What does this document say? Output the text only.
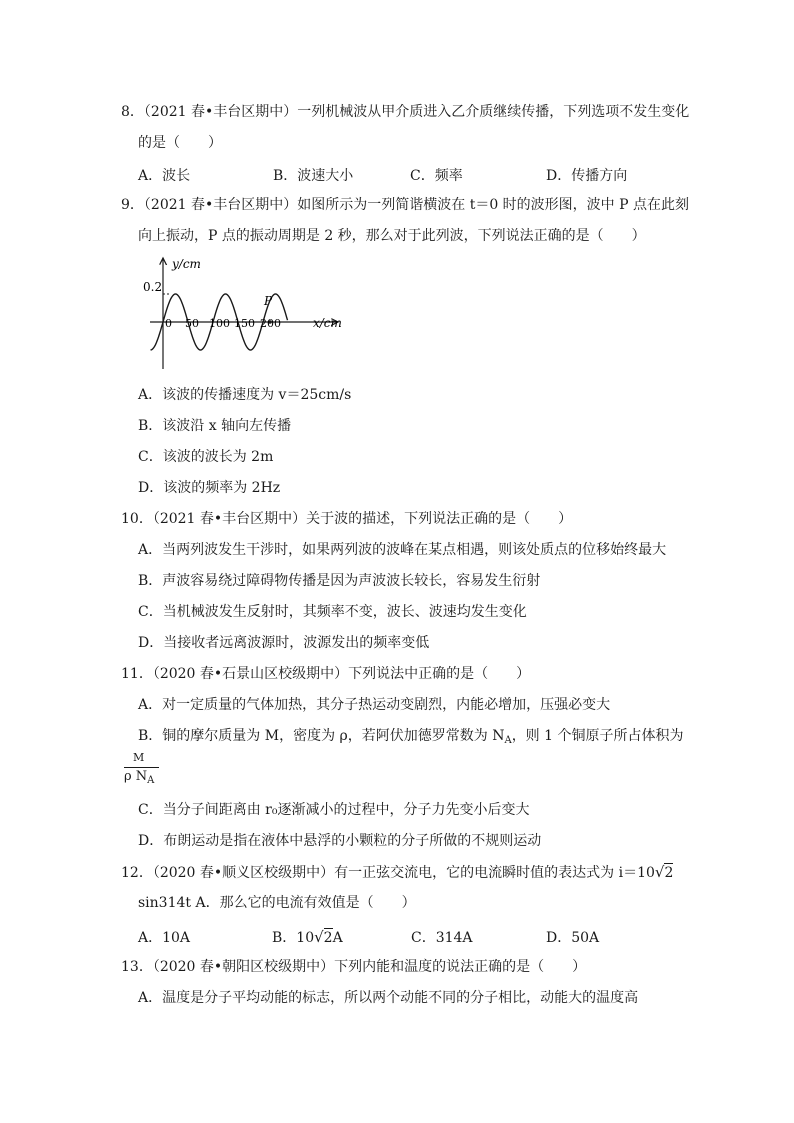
8．（2021 春•丰台区期中）一列机械波从甲介质进入乙介质继续传播，下列选项不发生变化
的是（　　）
A．波长	B．波速大小	C．频率	D．传播方向
9．（2021 春•丰台区期中）如图所示为一列简谐横波在 t＝0 时的波形图，波中 P 点在此刻
向上振动，P 点的振动周期是 2 秒，那么对于此列波，下列说法正确的是（　　）
y/cm
x/cm
0.2
0 50 100 150 200
P
A．该波的传播速度为 v＝25cm/s
B．该波沿 x 轴向左传播
C．该波的波长为 2m
D．该波的频率为 2Hz
10．（2021 春•丰台区期中）关于波的描述，下列说法正确的是（　　）
A．当两列波发生干涉时，如果两列波的波峰在某点相遇，则该处质点的位移始终最大
B．声波容易绕过障碍物传播是因为声波波长较长，容易发生衍射
C．当机械波发生反射时，其频率不变，波长、波速均发生变化
D．当接收者远离波源时，波源发出的频率变低
11．（2020 春•石景山区校级期中）下列说法中正确的是（　　）
A．对一定质量的气体加热，其分子热运动变剧烈，内能必增加，压强必变大
B．铜的摩尔质量为 M，密度为 ρ，若阿伏加德罗常数为 $N_A$，则 1 个铜原子所占体积为
M
ρ $N_A$
C．当分子间距离由 r₀逐渐减小的过程中，分子力先变小后变大
D．布朗运动是指在液体中悬浮的小颗粒的分子所做的不规则运动
12．（2020 春•顺义区校级期中）有一正弦交流电，它的电流瞬时值的表达式为 i＝10√2
sin314t A．那么它的电流有效值是（　　）
A．10A	B．10√2A	C．314A	D．50A
13．（2020 春•朝阳区校级期中）下列内能和温度的说法正确的是（　　）
A．温度是分子平均动能的标志，所以两个动能不同的分子相比，动能大的温度高
